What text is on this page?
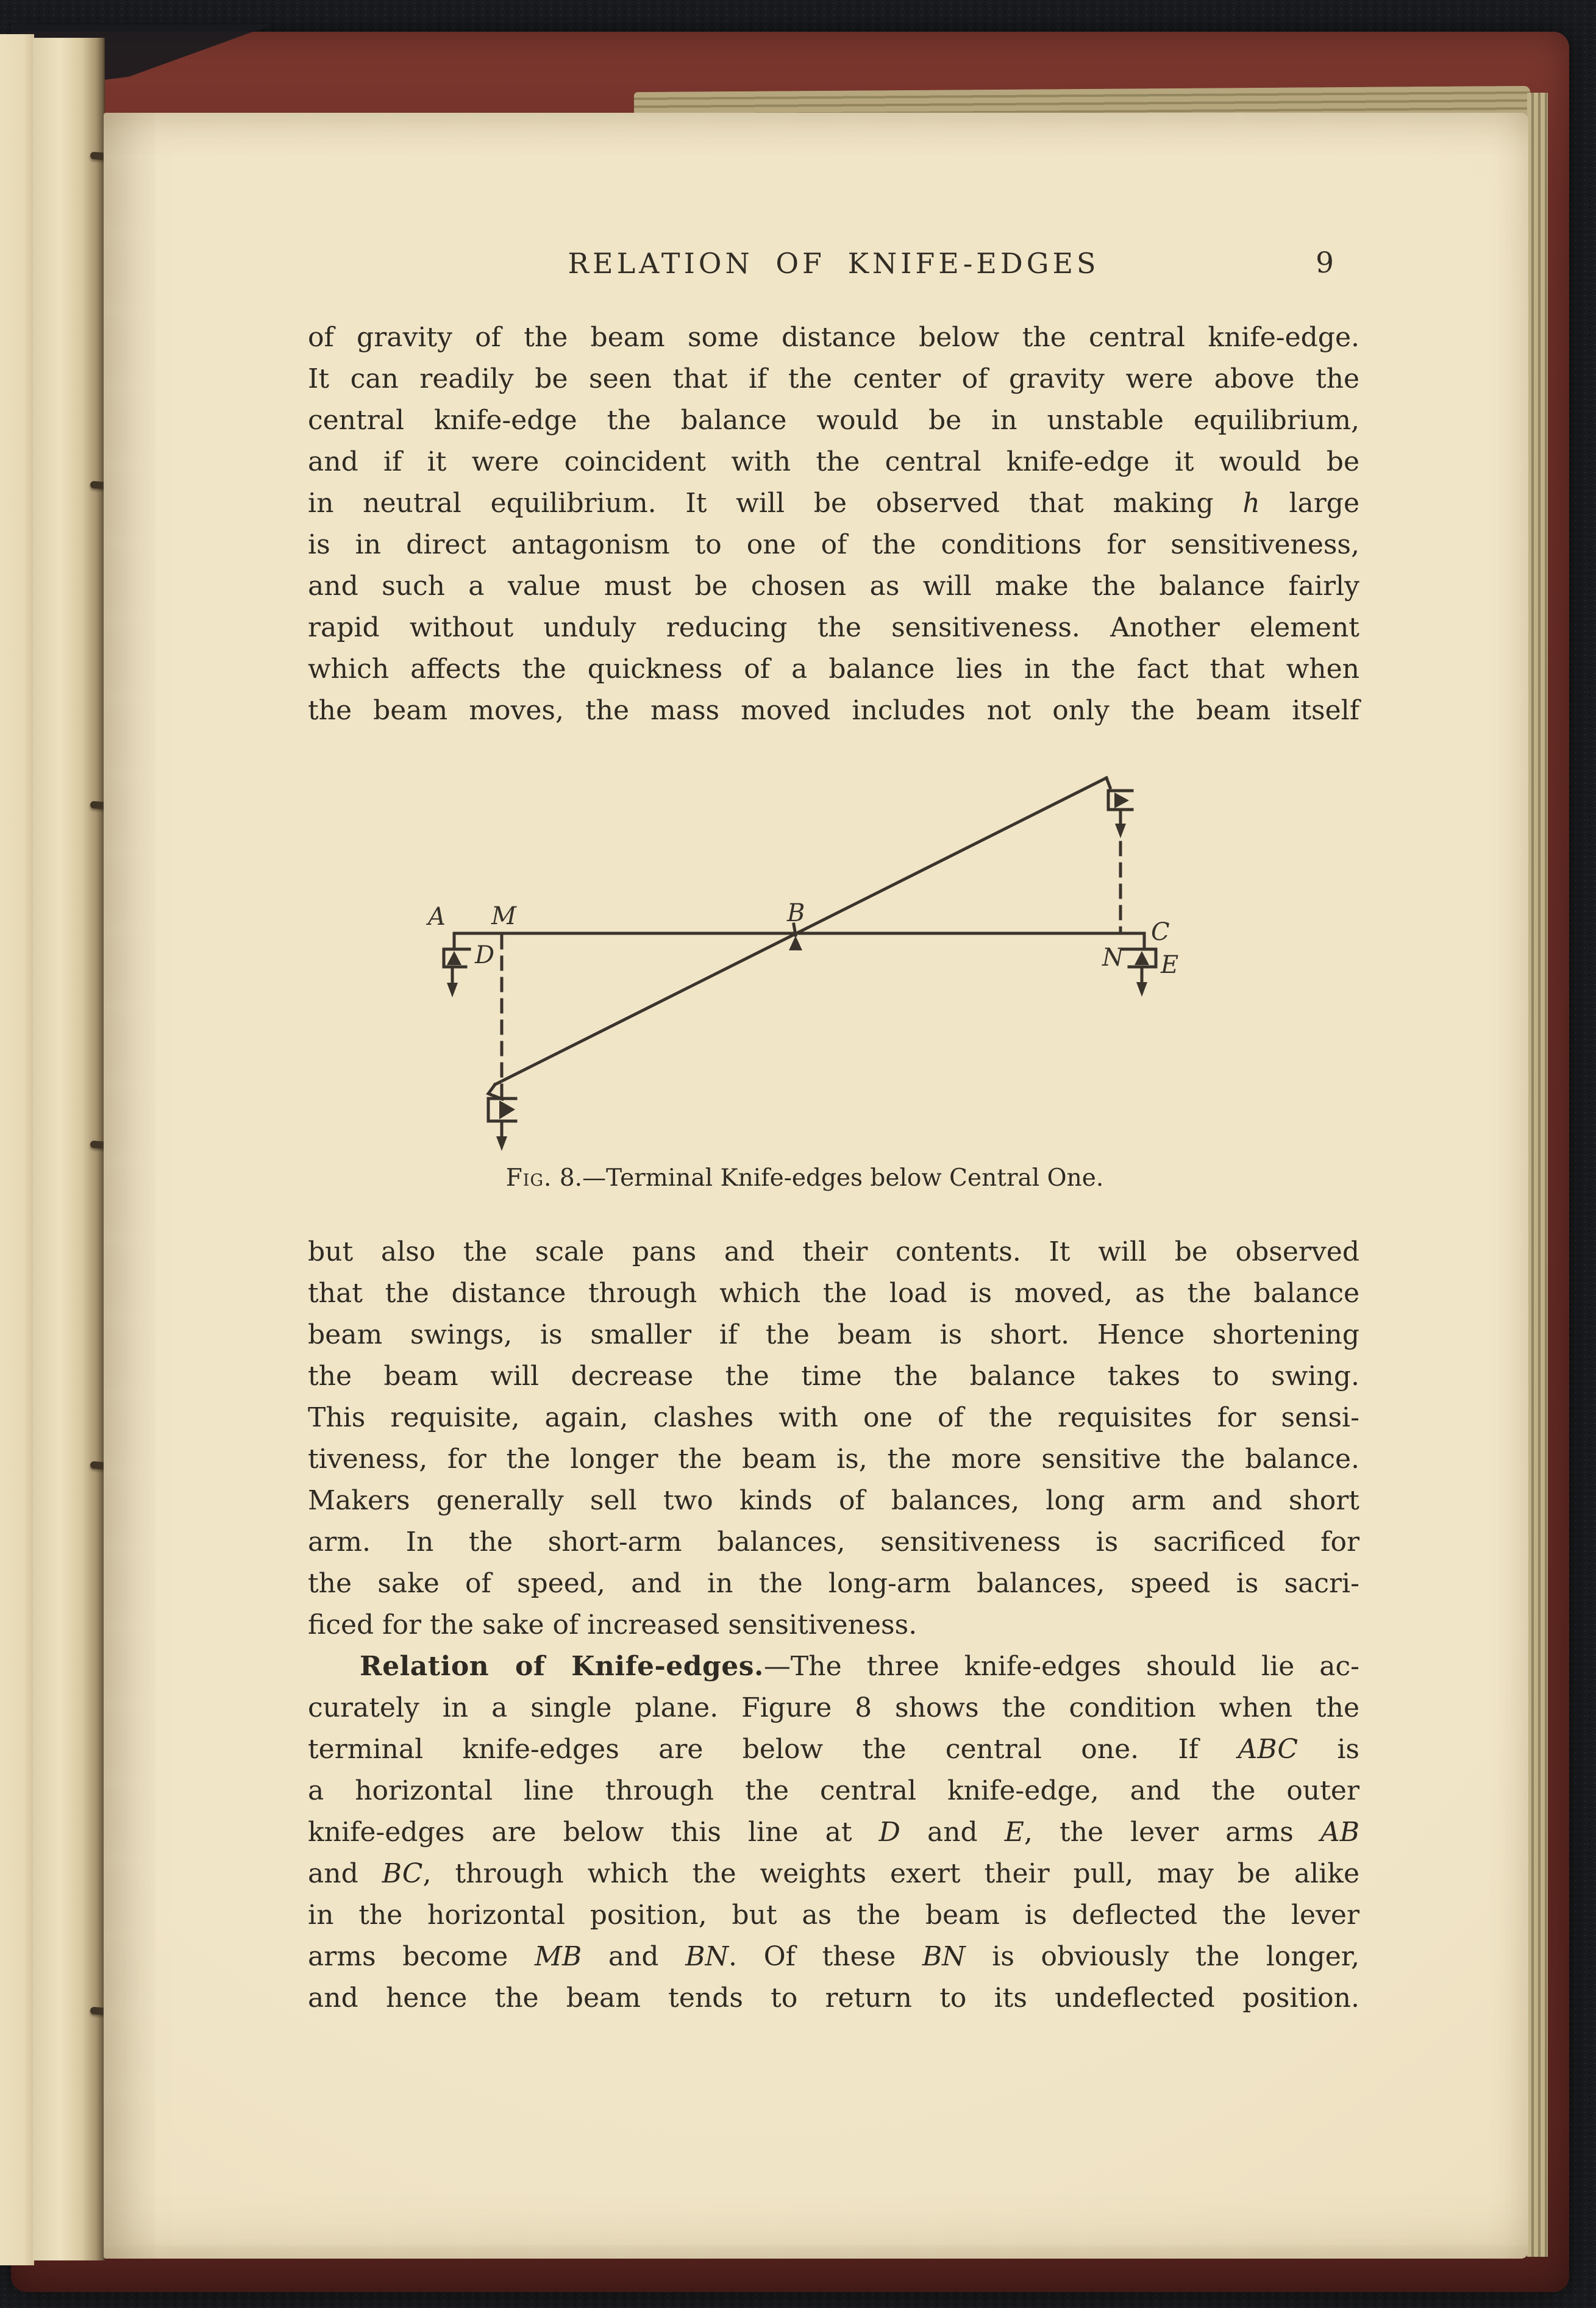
RELATION OF KNIFE-EDGES	9
of gravity of the beam some distance below the central knife-edge.
It can readily be seen that if the center of gravity were above the
central knife-edge the balance would be in unstable equilibrium,
and if it were coincident with the central knife-edge it would be
in neutral equilibrium. It will be observed that making h large
is in direct antagonism to one of the conditions for sensitiveness,
and such a value must be chosen as will make the balance fairly
rapid without unduly reducing the sensitiveness. Another element
which affects the quickness of a balance lies in the fact that when
the beam moves, the mass moved includes not only the beam itself
A M	B
C
D	N E
Fig. 8.—Terminal Knife-edges below Central One.
but also the scale pans and their contents. It will be observed
that the distance through which the load is moved, as the balance
beam swings, is smaller if the beam is short. Hence shortening
the beam will decrease the time the balance takes to swing.
This requisite, again, clashes with one of the requisites for sensi-
tiveness, for the longer the beam is, the more sensitive the balance.
Makers generally sell two kinds of balances, long arm and short
arm. In the short-arm balances, sensitiveness is sacrificed for
the sake of speed, and in the long-arm balances, speed is sacri-
ficed for the sake of increased sensitiveness.
Relation of Knife-edges.—The three knife-edges should lie ac-
curately in a single plane. Figure 8 shows the condition when the
terminal knife-edges are below the central one. If ABC is
a horizontal line through the central knife-edge, and the outer
knife-edges are below this line at D and E, the lever arms AB
and BC, through which the weights exert their pull, may be alike
in the horizontal position, but as the beam is deflected the lever
arms become MB and BN. Of these BN is obviously the longer,
and hence the beam tends to return to its undeflected position.
